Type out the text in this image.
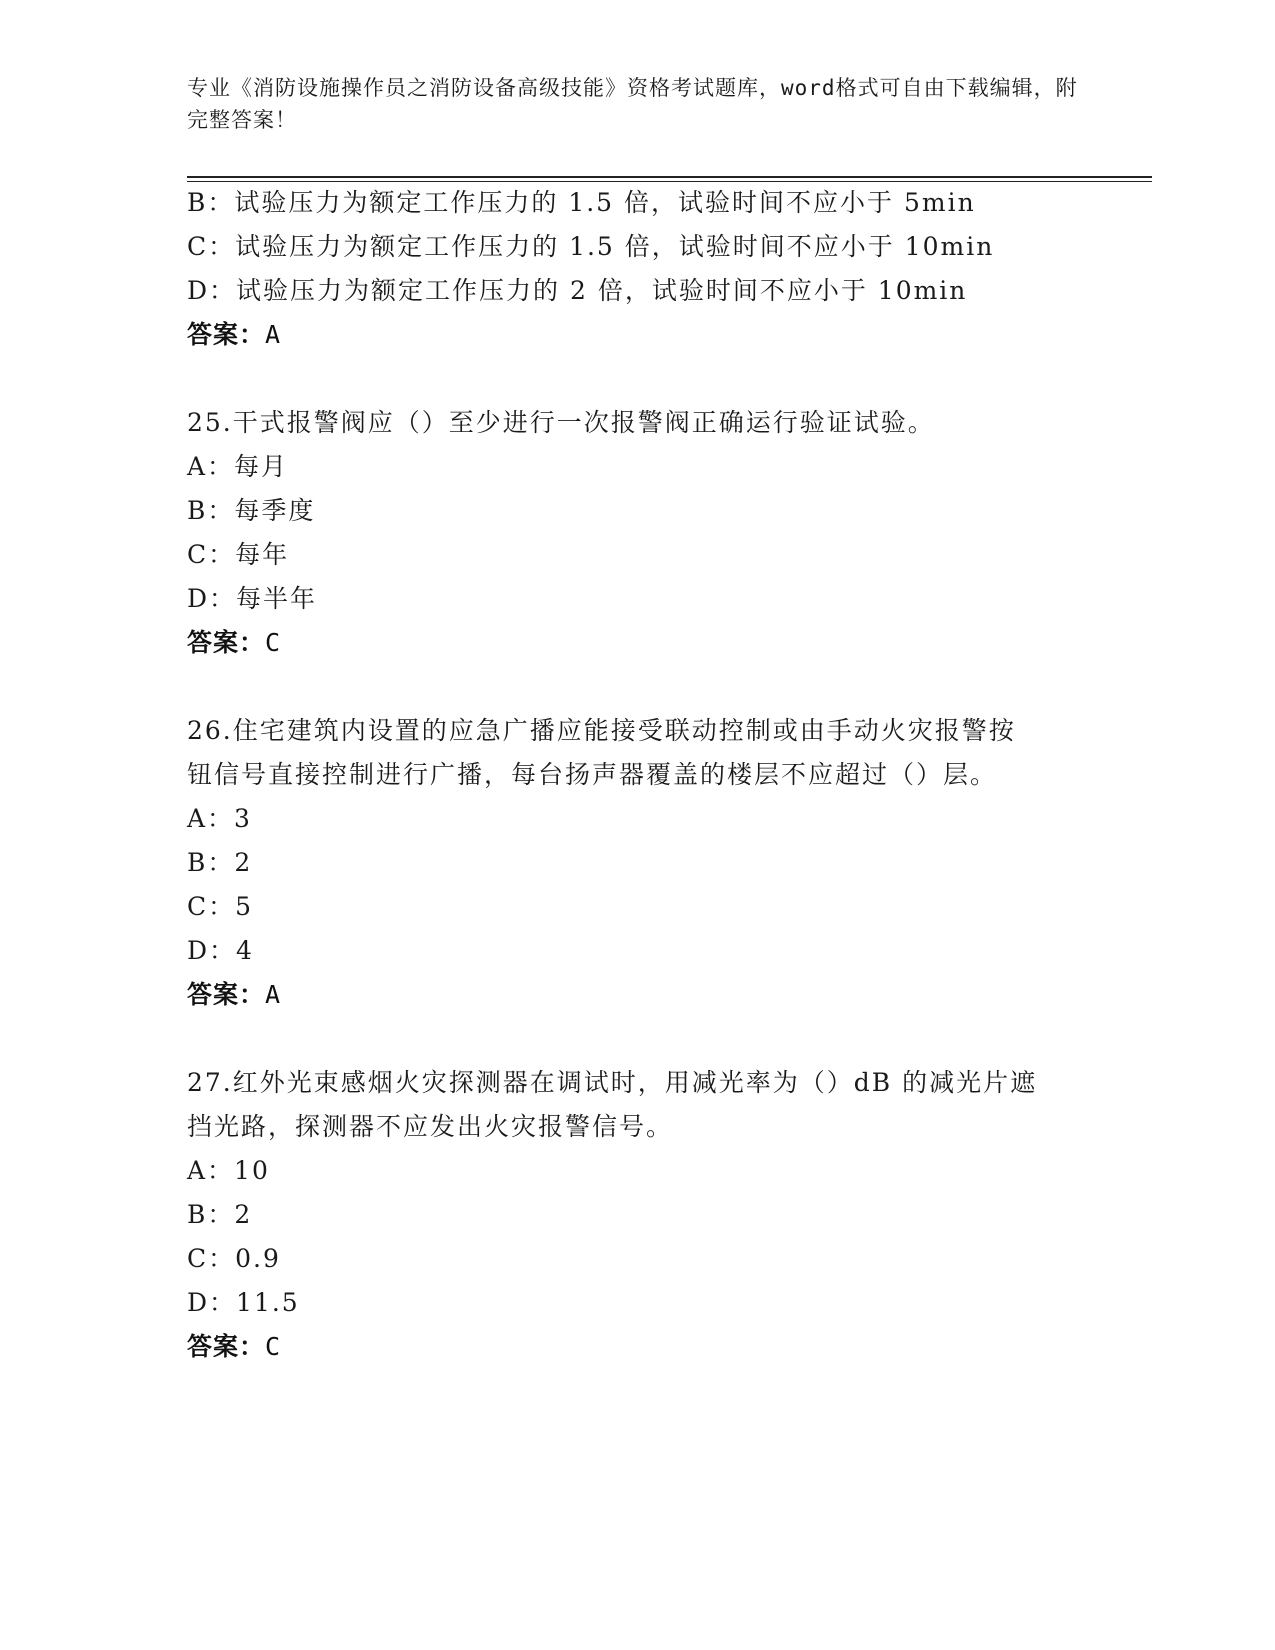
专业《消防设施操作员之消防设备高级技能》资格考试题库，word格式可自由下载编辑，附完整答案！
B：试验压力为额定工作压力的 1.5 倍，试验时间不应小于 5min
C：试验压力为额定工作压力的 1.5 倍，试验时间不应小于 10min
D：试验压力为额定工作压力的 2 倍，试验时间不应小于 10min
答案：A
25.干式报警阀应（）至少进行一次报警阀正确运行验证试验。
A：每月
B：每季度
C：每年
D：每半年
答案：C
26.住宅建筑内设置的应急广播应能接受联动控制或由手动火灾报警按
钮信号直接控制进行广播，每台扬声器覆盖的楼层不应超过（）层。
A：3
B：2
C：5
D：4
答案：A
27.红外光束感烟火灾探测器在调试时，用减光率为（）dB 的减光片遮
挡光路，探测器不应发出火灾报警信号。
A：10
B：2
C：0.9
D：11.5
答案：C
